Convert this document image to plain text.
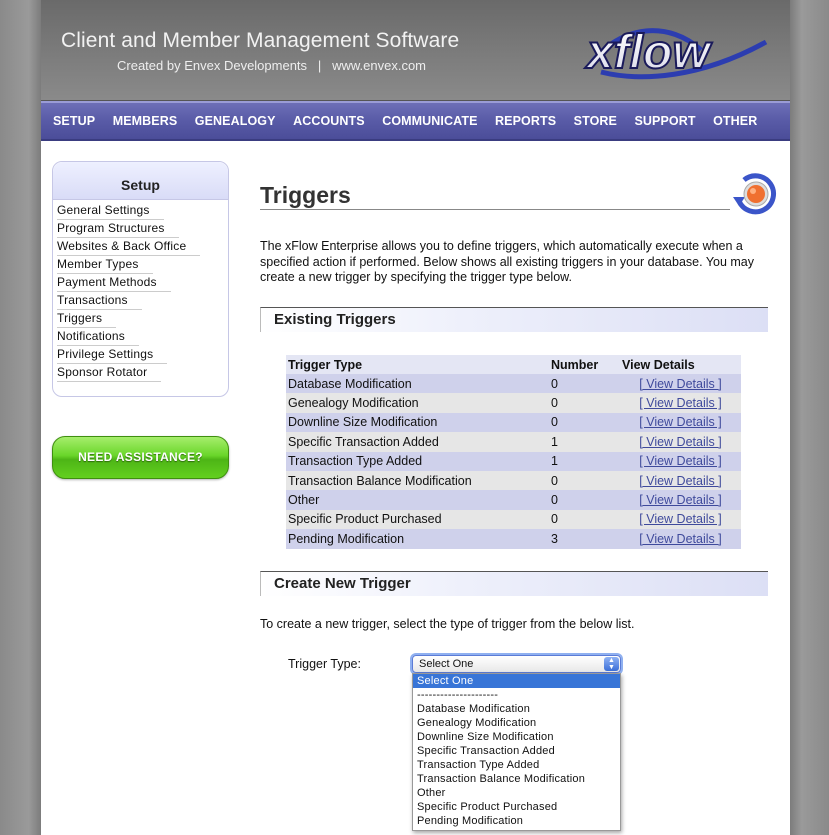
Client and Member Management Software
Created by Envex Developments   |   www.envex.com	xflow
SETUP MEMBERS GENEALOGY ACCOUNTS COMMUNICATE REPORTS STORE SUPPORT OTHER
Setup
General Settings
Program Structures
Websites & Back Office
Member Types
Payment Methods
Transactions
Triggers
Notifications
Privilege Settings
Sponsor Rotator
NEED ASSISTANCE?
Triggers
The xFlow Enterprise allows you to define triggers, which automatically execute when a specified action if performed. Below shows all existing triggers in your database. You may create a new trigger by specifying the trigger type below.
Existing Triggers
Trigger Type	Number	View Details
Database Modification	0	[ View Details ]
Genealogy Modification	0	[ View Details ]
Downline Size Modification	0	[ View Details ]
Specific Transaction Added	1	[ View Details ]
Transaction Type Added	1	[ View Details ]
Transaction Balance Modification	0	[ View Details ]
Other	0	[ View Details ]
Specific Product Purchased	0	[ View Details ]
Pending Modification	3	[ View Details ]
Create New Trigger
To create a new trigger, select the type of trigger from the below list.
Trigger Type:	Select One	▲
▼
Select One
---------------------
Database Modification
Genealogy Modification
Downline Size Modification
Specific Transaction Added
Transaction Type Added
Transaction Balance Modification
Other
Specific Product Purchased
Pending Modification
